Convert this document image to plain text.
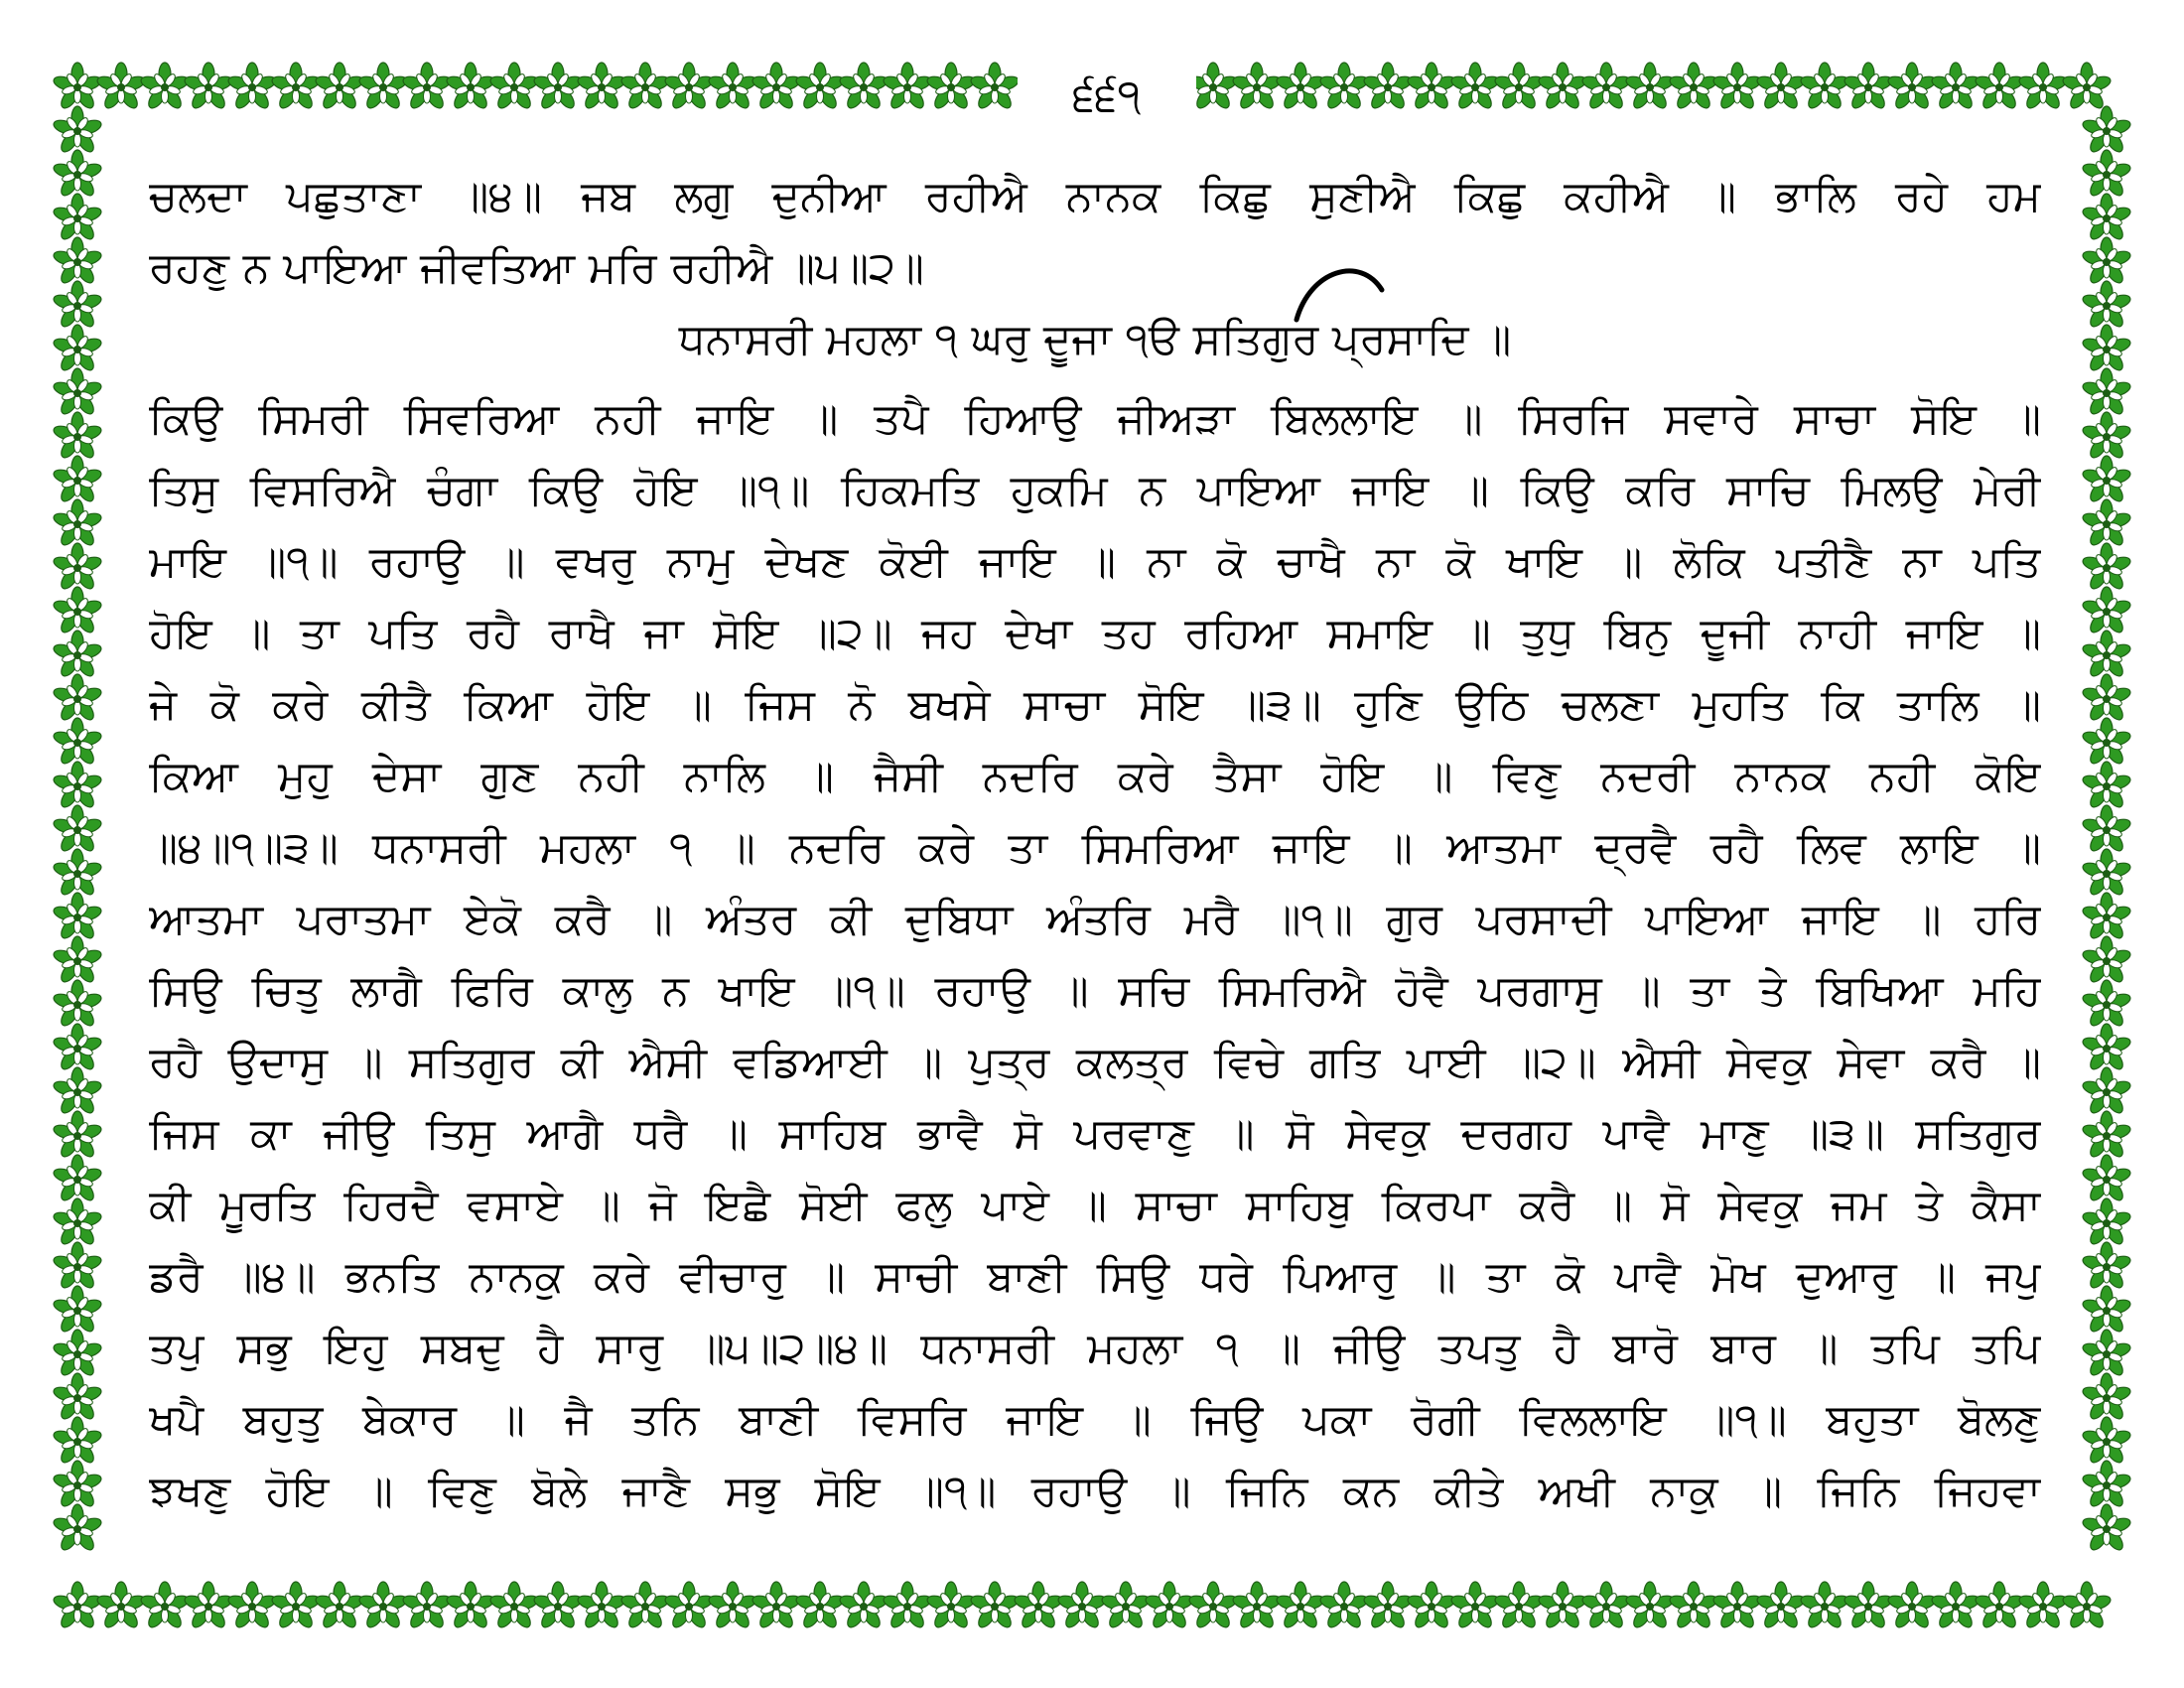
੬੬੧
ਚਲਦਾ ਪਛੁਤਾਣਾ ॥੪॥ ਜਬ ਲਗੁ ਦੁਨੀਆ ਰਹੀਐ ਨਾਨਕ ਕਿਛੁ ਸੁਣੀਐ ਕਿਛੁ ਕਹੀਐ ॥ ਭਾਲਿ ਰਹੇ ਹਮ
ਰਹਣੁ ਨ ਪਾਇਆ ਜੀਵਤਿਆ ਮਰਿ ਰਹੀਐ ॥੫॥੨॥
ਧਨਾਸਰੀ ਮਹਲਾ ੧ ਘਰੁ ਦੂਜਾ ੧ੳ ਸਤਿਗੁਰ ਪ੍ਰਸਾਦਿ ॥
ਕਿਉ ਸਿਮਰੀ ਸਿਵਰਿਆ ਨਹੀ ਜਾਇ ॥ ਤਪੈ ਹਿਆਉ ਜੀਅੜਾ ਬਿਲਲਾਇ ॥ ਸਿਰਜਿ ਸਵਾਰੇ ਸਾਚਾ ਸੋਇ ॥
ਤਿਸੁ ਵਿਸਰਿਐ ਚੰਗਾ ਕਿਉ ਹੋਇ ॥੧॥ ਹਿਕਮਤਿ ਹੁਕਮਿ ਨ ਪਾਇਆ ਜਾਇ ॥ ਕਿਉ ਕਰਿ ਸਾਚਿ ਮਿਲਉ ਮੇਰੀ
ਮਾਇ ॥੧॥ ਰਹਾਉ ॥ ਵਖਰੁ ਨਾਮੁ ਦੇਖਣ ਕੋਈ ਜਾਇ ॥ ਨਾ ਕੋ ਚਾਖੈ ਨਾ ਕੋ ਖਾਇ ॥ ਲੋਕਿ ਪਤੀਣੈ ਨਾ ਪਤਿ
ਹੋਇ ॥ ਤਾ ਪਤਿ ਰਹੈ ਰਾਖੈ ਜਾ ਸੋਇ ॥੨॥ ਜਹ ਦੇਖਾ ਤਹ ਰਹਿਆ ਸਮਾਇ ॥ ਤੁਧੁ ਬਿਨੁ ਦੂਜੀ ਨਾਹੀ ਜਾਇ ॥
ਜੇ ਕੋ ਕਰੇ ਕੀਤੈ ਕਿਆ ਹੋਇ ॥ ਜਿਸ ਨੋ ਬਖਸੇ ਸਾਚਾ ਸੋਇ ॥੩॥ ਹੁਣਿ ਉਠਿ ਚਲਣਾ ਮੁਹਤਿ ਕਿ ਤਾਲਿ ॥
ਕਿਆ ਮੁਹੁ ਦੇਸਾ ਗੁਣ ਨਹੀ ਨਾਲਿ ॥ ਜੈਸੀ ਨਦਰਿ ਕਰੇ ਤੈਸਾ ਹੋਇ ॥ ਵਿਣੁ ਨਦਰੀ ਨਾਨਕ ਨਹੀ ਕੋਇ
॥੪॥੧॥੩॥ ਧਨਾਸਰੀ ਮਹਲਾ ੧ ॥ ਨਦਰਿ ਕਰੇ ਤਾ ਸਿਮਰਿਆ ਜਾਇ ॥ ਆਤਮਾ ਦ੍ਰਵੈ ਰਹੈ ਲਿਵ ਲਾਇ ॥
ਆਤਮਾ ਪਰਾਤਮਾ ਏਕੋ ਕਰੈ ॥ ਅੰਤਰ ਕੀ ਦੁਬਿਧਾ ਅੰਤਰਿ ਮਰੈ ॥੧॥ ਗੁਰ ਪਰਸਾਦੀ ਪਾਇਆ ਜਾਇ ॥ ਹਰਿ
ਸਿਉ ਚਿਤੁ ਲਾਗੈ ਫਿਰਿ ਕਾਲੁ ਨ ਖਾਇ ॥੧॥ ਰਹਾਉ ॥ ਸਚਿ ਸਿਮਰਿਐ ਹੋਵੈ ਪਰਗਾਸੁ ॥ ਤਾ ਤੇ ਬਿਖਿਆ ਮਹਿ
ਰਹੈ ਉਦਾਸੁ ॥ ਸਤਿਗੁਰ ਕੀ ਐਸੀ ਵਡਿਆਈ ॥ ਪੁਤ੍ਰ ਕਲਤ੍ਰ ਵਿਚੇ ਗਤਿ ਪਾਈ ॥੨॥ ਐਸੀ ਸੇਵਕੁ ਸੇਵਾ ਕਰੈ ॥
ਜਿਸ ਕਾ ਜੀਉ ਤਿਸੁ ਆਗੈ ਧਰੈ ॥ ਸਾਹਿਬ ਭਾਵੈ ਸੋ ਪਰਵਾਣੁ ॥ ਸੋ ਸੇਵਕੁ ਦਰਗਹ ਪਾਵੈ ਮਾਣੁ ॥੩॥ ਸਤਿਗੁਰ
ਕੀ ਮੂਰਤਿ ਹਿਰਦੈ ਵਸਾਏ ॥ ਜੋ ਇਛੈ ਸੋਈ ਫਲੁ ਪਾਏ ॥ ਸਾਚਾ ਸਾਹਿਬੁ ਕਿਰਪਾ ਕਰੈ ॥ ਸੋ ਸੇਵਕੁ ਜਮ ਤੇ ਕੈਸਾ
ਡਰੈ ॥੪॥ ਭਨਤਿ ਨਾਨਕੁ ਕਰੇ ਵੀਚਾਰੁ ॥ ਸਾਚੀ ਬਾਣੀ ਸਿਉ ਧਰੇ ਪਿਆਰੁ ॥ ਤਾ ਕੋ ਪਾਵੈ ਮੋਖ ਦੁਆਰੁ ॥ ਜਪੁ
ਤਪੁ ਸਭੁ ਇਹੁ ਸਬਦੁ ਹੈ ਸਾਰੁ ॥੫॥੨॥੪॥ ਧਨਾਸਰੀ ਮਹਲਾ ੧ ॥ ਜੀਉ ਤਪਤੁ ਹੈ ਬਾਰੋ ਬਾਰ ॥ ਤਪਿ ਤਪਿ
ਖਪੈ ਬਹੁਤੁ ਬੇਕਾਰ ॥ ਜੈ ਤਨਿ ਬਾਣੀ ਵਿਸਰਿ ਜਾਇ ॥ ਜਿਉ ਪਕਾ ਰੋਗੀ ਵਿਲਲਾਇ ॥੧॥ ਬਹੁਤਾ ਬੋਲਣੁ
ਝਖਣੁ ਹੋਇ ॥ ਵਿਣੁ ਬੋਲੇ ਜਾਣੈ ਸਭੁ ਸੋਇ ॥੧॥ ਰਹਾਉ ॥ ਜਿਨਿ ਕਨ ਕੀਤੇ ਅਖੀ ਨਾਕੁ ॥ ਜਿਨਿ ਜਿਹਵਾ
